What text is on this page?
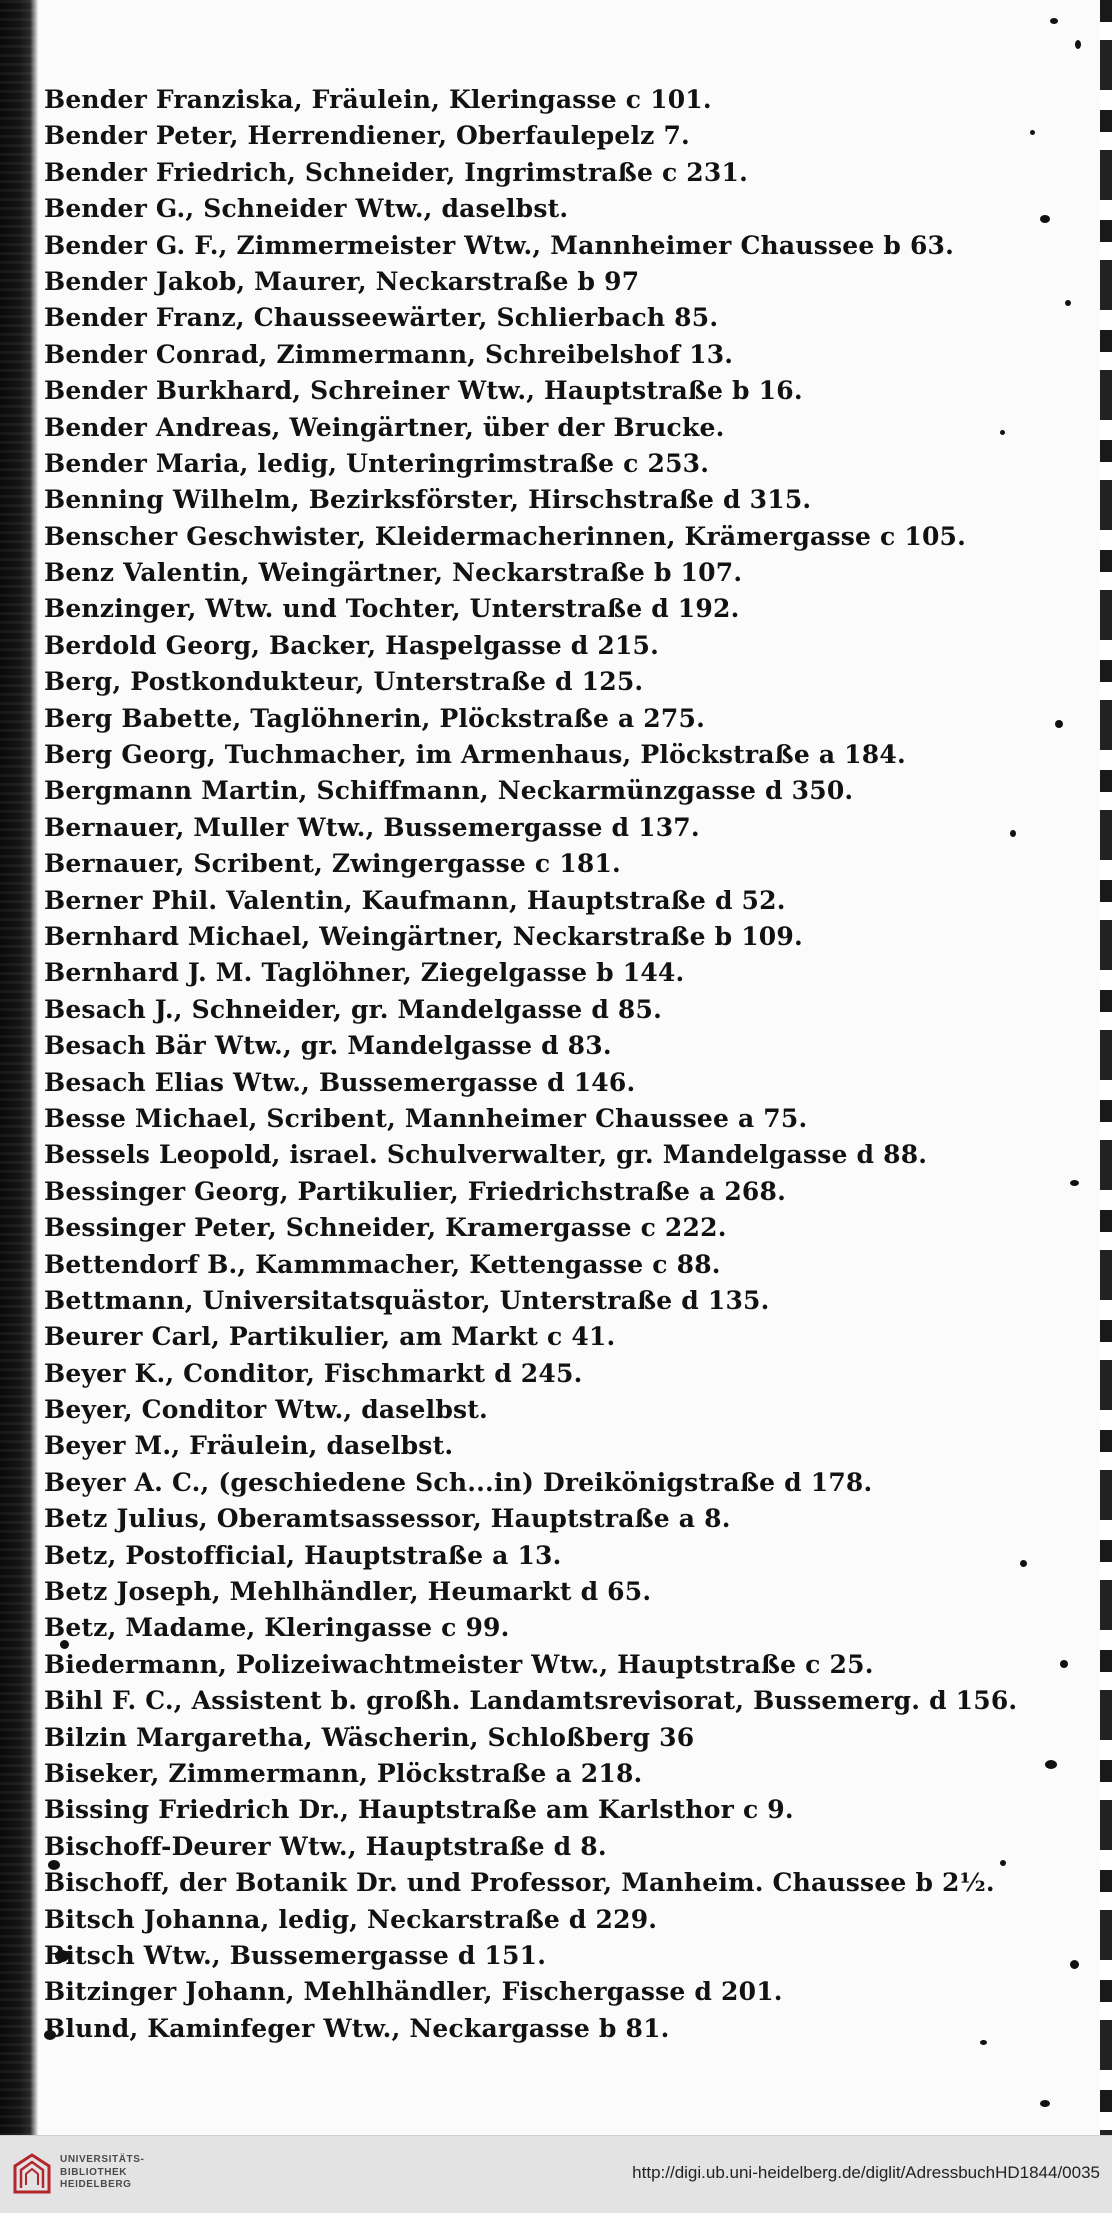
Bender Franziska, Fräulein, Kleringasse c 101.
Bender Peter, Herrendiener, Oberfaulepelz 7.
Bender Friedrich, Schneider, Ingrimstraße c 231.
Bender G., Schneider Wtw., daselbst.
Bender G. F., Zimmermeister Wtw., Mannheimer Chaussee b 63.
Bender Jakob, Maurer, Neckarstraße b 97
Bender Franz, Chausseewärter, Schlierbach 85.
Bender Conrad, Zimmermann, Schreibelshof 13.
Bender Burkhard, Schreiner Wtw., Hauptstraße b 16.
Bender Andreas, Weingärtner, über der Brucke.
Bender Maria, ledig, Unteringrimstraße c 253.
Benning Wilhelm, Bezirksförster, Hirschstraße d 315.
Benscher Geschwister, Kleidermacherinnen, Krämergasse c 105.
Benz Valentin, Weingärtner, Neckarstraße b 107.
Benzinger, Wtw. und Tochter, Unterstraße d 192.
Berdold Georg, Backer, Haspelgasse d 215.
Berg, Postkondukteur, Unterstraße d 125.
Berg Babette, Taglöhnerin, Plöckstraße a 275.
Berg Georg, Tuchmacher, im Armenhaus, Plöckstraße a 184.
Bergmann Martin, Schiffmann, Neckarmünzgasse d 350.
Bernauer, Muller Wtw., Bussemergasse d 137.
Bernauer, Scribent, Zwingergasse c 181.
Berner Phil. Valentin, Kaufmann, Hauptstraße d 52.
Bernhard Michael, Weingärtner, Neckarstraße b 109.
Bernhard J. M. Taglöhner, Ziegelgasse b 144.
Besach J., Schneider, gr. Mandelgasse d 85.
Besach Bär Wtw., gr. Mandelgasse d 83.
Besach Elias Wtw., Bussemergasse d 146.
Besse Michael, Scribent, Mannheimer Chaussee a 75.
Bessels Leopold, israel. Schulverwalter, gr. Mandelgasse d 88.
Bessinger Georg, Partikulier, Friedrichstraße a 268.
Bessinger Peter, Schneider, Kramergasse c 222.
Bettendorf B., Kammmacher, Kettengasse c 88.
Bettmann, Universitatsquästor, Unterstraße d 135.
Beurer Carl, Partikulier, am Markt c 41.
Beyer K., Conditor, Fischmarkt d 245.
Beyer, Conditor Wtw., daselbst.
Beyer M., Fräulein, daselbst.
Beyer A. C., (geschiedene Sch...in) Dreikönigstraße d 178.
Betz Julius, Oberamtsassessor, Hauptstraße a 8.
Betz, Postofficial, Hauptstraße a 13.
Betz Joseph, Mehlhändler, Heumarkt d 65.
Betz, Madame, Kleringasse c 99.
Biedermann, Polizeiwachtmeister Wtw., Hauptstraße c 25.
Bihl F. C., Assistent b. großh. Landamtsrevisorat, Bussemerg. d 156.
Bilzin Margaretha, Wäscherin, Schloßberg 36
Biseker, Zimmermann, Plöckstraße a 218.
Bissing Friedrich Dr., Hauptstraße am Karlsthor c 9.
Bischoff-Deurer Wtw., Hauptstraße d 8.
Bischoff, der Botanik Dr. und Professor, Manheim. Chaussee b 2½.
Bitsch Johanna, ledig, Neckarstraße d 229.
Bitsch Wtw., Bussemergasse d 151.
Bitzinger Johann, Mehlhändler, Fischergasse d 201.
Blund, Kaminfeger Wtw., Neckargasse b 81.
UNIVERSITÄTS-
BIBLIOTHEK
HEIDELBERG
http://digi.ub.uni-heidelberg.de/diglit/AdressbuchHD1844/0035
